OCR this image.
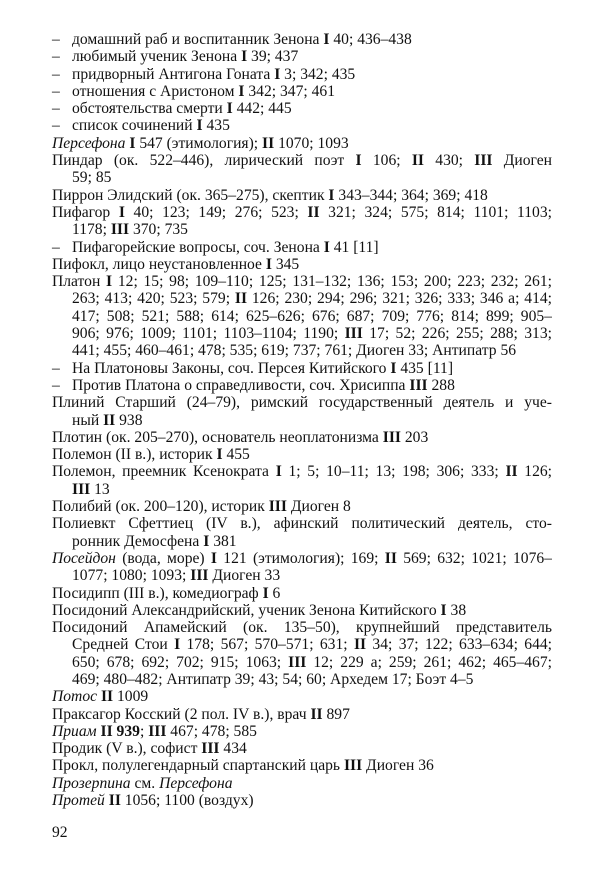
– домашний раб и воспитанник Зенона I 40; 436–438
– любимый ученик Зенона I 39; 437
– придворный Антигона Гоната I 3; 342; 435
– отношения с Аристоном I 342; 347; 461
– обстоятельства смерти I 442; 445
– список сочинений I 435
Персефона I 547 (этимология); II 1070; 1093
Пиндар (ок. 522–446), лирический поэт I 106; II 430; III Диоген
59; 85
Пиррон Элидский (ок. 365–275), скептик I 343–344; 364; 369; 418
Пифагор I 40; 123; 149; 276; 523; II 321; 324; 575; 814; 1101; 1103;
1178; III 370; 735
– Пифагорейские вопросы, соч. Зенона I 41 [11]
Пифокл, лицо неустановленное I 345
Платон I 12; 15; 98; 109–110; 125; 131–132; 136; 153; 200; 223; 232; 261;
263; 413; 420; 523; 579; II 126; 230; 294; 296; 321; 326; 333; 346 a; 414;
417; 508; 521; 588; 614; 625–626; 676; 687; 709; 776; 814; 899; 905–
906; 976; 1009; 1101; 1103–1104; 1190; III 17; 52; 226; 255; 288; 313;
441; 455; 460–461; 478; 535; 619; 737; 761; Диоген 33; Антипатр 56
– На Платоновы Законы, соч. Персея Китийского I 435 [11]
– Против Платона о справедливости, соч. Хрисиппа III 288
Плиний Старший (24–79), римский государственный деятель и уче-
ный II 938
Плотин (ок. 205–270), основатель неоплатонизма III 203
Полемон (II в.), историк I 455
Полемон, преемник Ксенократа I 1; 5; 10–11; 13; 198; 306; 333; II 126;
III 13
Полибий (ок. 200–120), историк III Диоген 8
Полиевкт Сфеттиец (IV в.), афинский политический деятель, сто-
ронник Демосфена I 381
Посейдон (вода, море) I 121 (этимология); 169; II 569; 632; 1021; 1076–
1077; 1080; 1093; III Диоген 33
Посидипп (III в.), комедиограф I 6
Посидоний Александрийский, ученик Зенона Китийского I 38
Посидоний Апамейский (ок. 135–50), крупнейший представитель
Средней Стои I 178; 567; 570–571; 631; II 34; 37; 122; 633–634; 644;
650; 678; 692; 702; 915; 1063; III 12; 229 a; 259; 261; 462; 465–467;
469; 480–482; Антипатр 39; 43; 54; 60; Архедем 17; Боэт 4–5
Потос II 1009
Праксагор Косский (2 пол. IV в.), врач II 897
Приам II 939; III 467; 478; 585
Продик (V в.), софист III 434
Прокл, полулегендарный спартанский царь III Диоген 36
Прозерпина см. Персефона
Протей II 1056; 1100 (воздух)
92
